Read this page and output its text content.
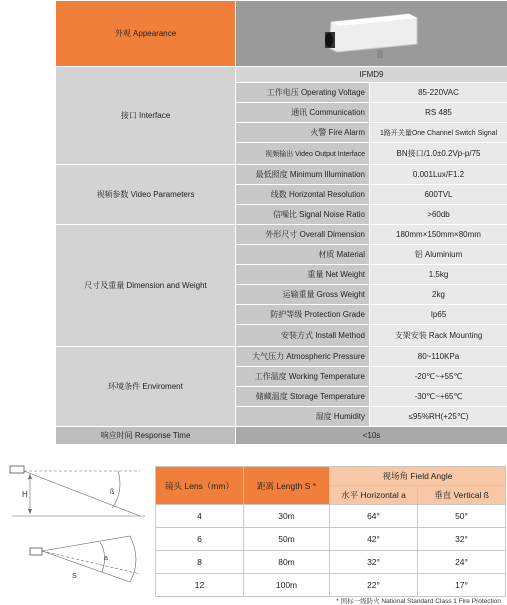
外观 Appearance	

接口 Interface	IFMD9	
	工作电压 Operating Voltage	85-220VAC
	通讯 Communication	RS 485
	火警 Fire Alarm	1路开关量One Channel Switch Signal
	视频输出 Video Output Interface	BN接口/1.0±0.2Vp-p/75
视频参数 Video Parameters	最低照度 Minimum Illumination	0.001Lux/F1.2
	线数 Horizontal Resolution	600TVL
	信噪比 Signal Noise Ratio	>60db
尺寸及重量 Dimension and Weight	外形尺寸 Overall Dimension	180mm×150mm×80mm
	材质 Material	铝 Aluminium
	重量 Net Weight	1.5kg
	运输重量 Gross Weight	2kg
	防护等级 Protection Grade	Ip65
	安装方式 Install Method	支架安装 Rack Mounting
环境条件 Enviroment	大气压力 Atmospheric Pressure	80~110KPa
	工作温度 Working Temperature	-20℃~+55℃
	储藏温度 Storage Temperature	-30℃~+65℃
	湿度 Humidity	≤95%RH(+25℃)
响应时间 Response Time	<10s	
H	ß
a
S
镜头 Lens（mm）	距离 Length S *	视场角 Field Angle	
		水平 Horizontal a	垂直 Vertical ß
4	30m	64°	50°
6	50m	42°	32°
8	80m	32°	24°
12	100m	22°	17°
* 国标一级防火 National Standard Class 1 Fire Protection
